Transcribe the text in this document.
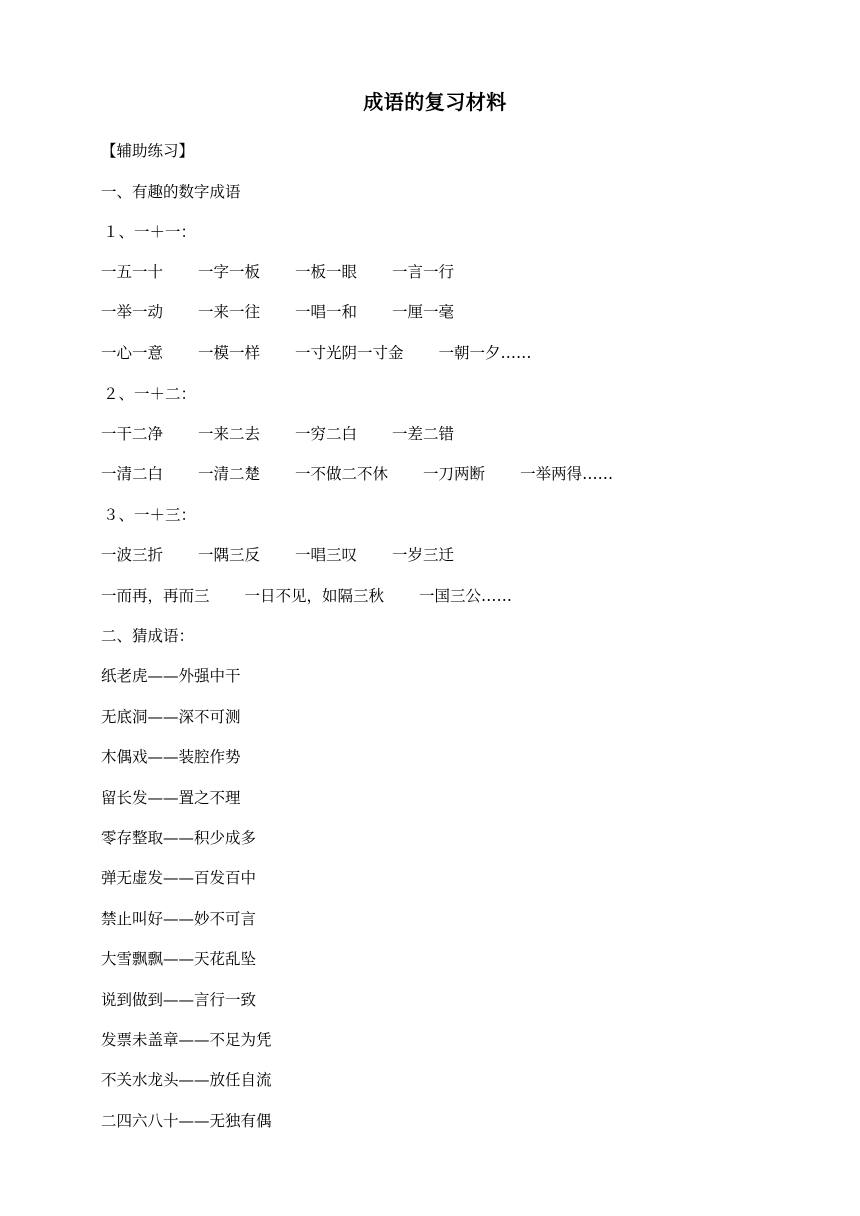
成语的复习材料
【辅助练习】
一、有趣的数字成语
１、一＋一：
一五一十 一字一板 一板一眼 一言一行
一举一动 一来一往 一唱一和 一厘一毫
一心一意 一模一样 一寸光阴一寸金 一朝一夕……
２、一＋二：
一干二净 一来二去 一穷二白 一差二错
一清二白 一清二楚 一不做二不休 一刀两断 一举两得……
３、一＋三：
一波三折 一隅三反 一唱三叹 一岁三迁
一而再，再而三 一日不见，如隔三秋 一国三公……
二、猜成语：
纸老虎——外强中干
无底洞——深不可测
木偶戏——装腔作势
留长发——置之不理
零存整取——积少成多
弹无虚发——百发百中
禁止叫好——妙不可言
大雪飘飘——天花乱坠
说到做到——言行一致
发票未盖章——不足为凭
不关水龙头——放任自流
二四六八十——无独有偶
